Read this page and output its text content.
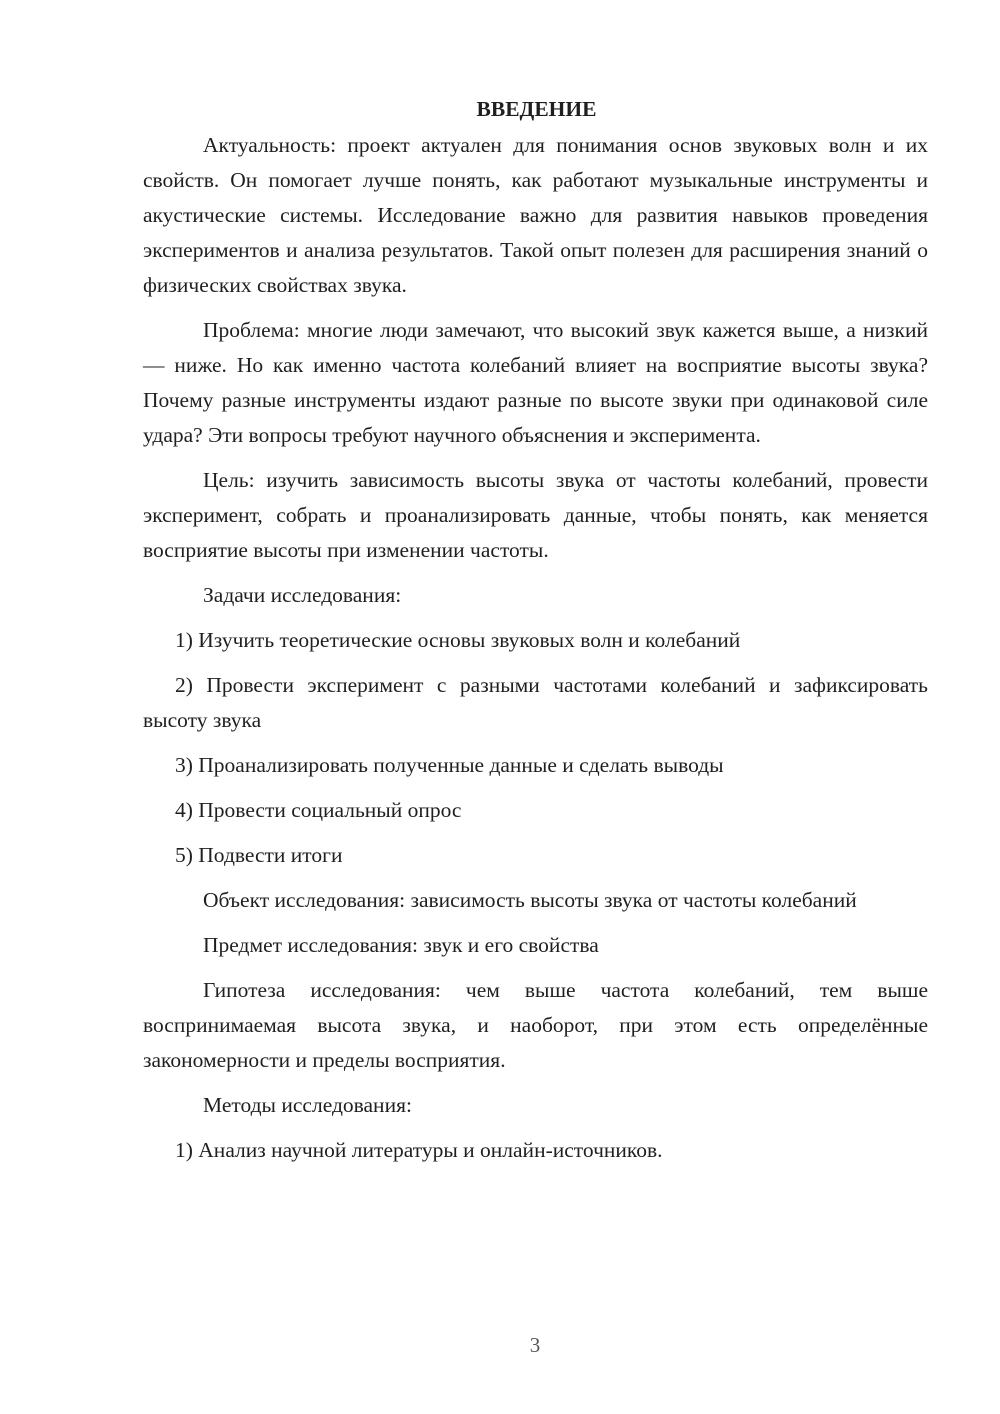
ВВЕДЕНИЕ

Актуальность: проект актуален для понимания основ звуковых волн и их свойств. Он помогает лучше понять, как работают музыкальные инструменты и акустические системы. Исследование важно для развития навыков проведения экспериментов и анализа результатов. Такой опыт полезен для расширения знаний о физических свойствах звука.

Проблема: многие люди замечают, что высокий звук кажется выше, а низкий — ниже. Но как именно частота колебаний влияет на восприятие высоты звука? Почему разные инструменты издают разные по высоте звуки при одинаковой силе удара? Эти вопросы требуют научного объяснения и эксперимента.

Цель: изучить зависимость высоты звука от частоты колебаний, провести эксперимент, собрать и проанализировать данные, чтобы понять, как меняется восприятие высоты при изменении частоты.

Задачи исследования:

1) Изучить теоретические основы звуковых волн и колебаний

2) Провести эксперимент с разными частотами колебаний и зафиксировать высоту звука

3) Проанализировать полученные данные и сделать выводы

4) Провести социальный опрос

5) Подвести итоги

Объект исследования: зависимость высоты звука от частоты колебаний

Предмет исследования: звук и его свойства

Гипотеза исследования: чем выше частота колебаний, тем выше воспринимаемая высота звука, и наоборот, при этом есть определённые закономерности и пределы восприятия.

Методы исследования:

1) Анализ научной литературы и онлайн-источников.

3
